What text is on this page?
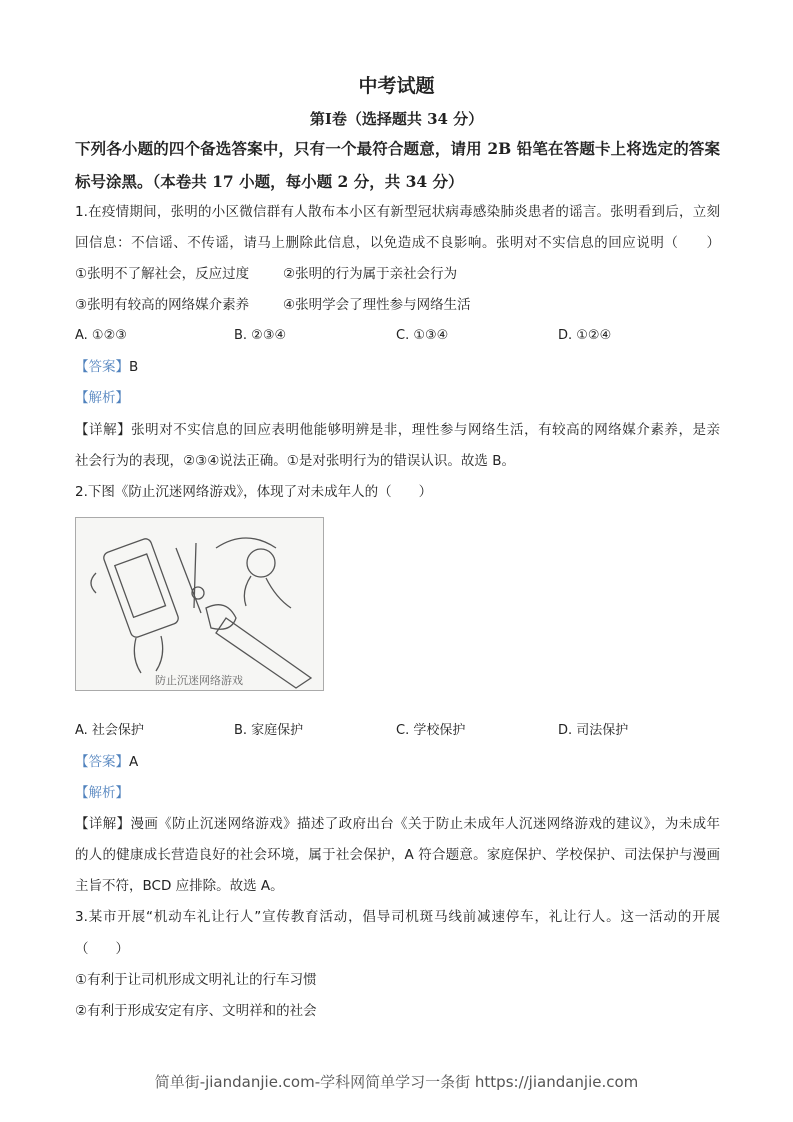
中考试题
第Ⅰ卷（选择题共 34 分）
下列各小题的四个备选答案中，只有一个最符合题意，请用 2B 铅笔在答题卡上将选定的答案
标号涂黑。（本卷共 17 小题，每小题 2 分，共 34 分）
1.在疫情期间，张明的小区微信群有人散布本小区有新型冠状病毒感染肺炎患者的谣言。张明看到后，立刻
回信息：不信谣、不传谣，请马上删除此信息，以免造成不良影响。张明对不实信息的回应说明（　　）
①张明不了解社会，反应过度	②张明的行为属于亲社会行为
③张明有较高的网络媒介素养	④张明学会了理性参与网络生活
A. ①②③	B. ②③④	C. ①③④	D. ①②④
【答案】B
【解析】
【详解】张明对不实信息的回应表明他能够明辨是非，理性参与网络生活，有较高的网络媒介素养，是亲
社会行为的表现，②③④说法正确。①是对张明行为的错误认识。故选 B。
2.下图《防止沉迷网络游戏》，体现了对未成年人的（　　）
防止沉迷网络游戏
A. 社会保护	B. 家庭保护	C. 学校保护	D. 司法保护
【答案】A
【解析】
【详解】漫画《防止沉迷网络游戏》描述了政府出台《关于防止未成年人沉迷网络游戏的建议》，为未成年
的人的健康成长营造良好的社会环境，属于社会保护，A 符合题意。家庭保护、学校保护、司法保护与漫画
主旨不符，BCD 应排除。故选 A。
3.某市开展“机动车礼让行人”宣传教育活动，倡导司机斑马线前减速停车，礼让行人。这一活动的开展
（　　）
①有利于让司机形成文明礼让的行车习惯
②有利于形成安定有序、文明祥和的社会
简单街-jiandanjie.com-学科网简单学习一条街 https://jiandanjie.com
